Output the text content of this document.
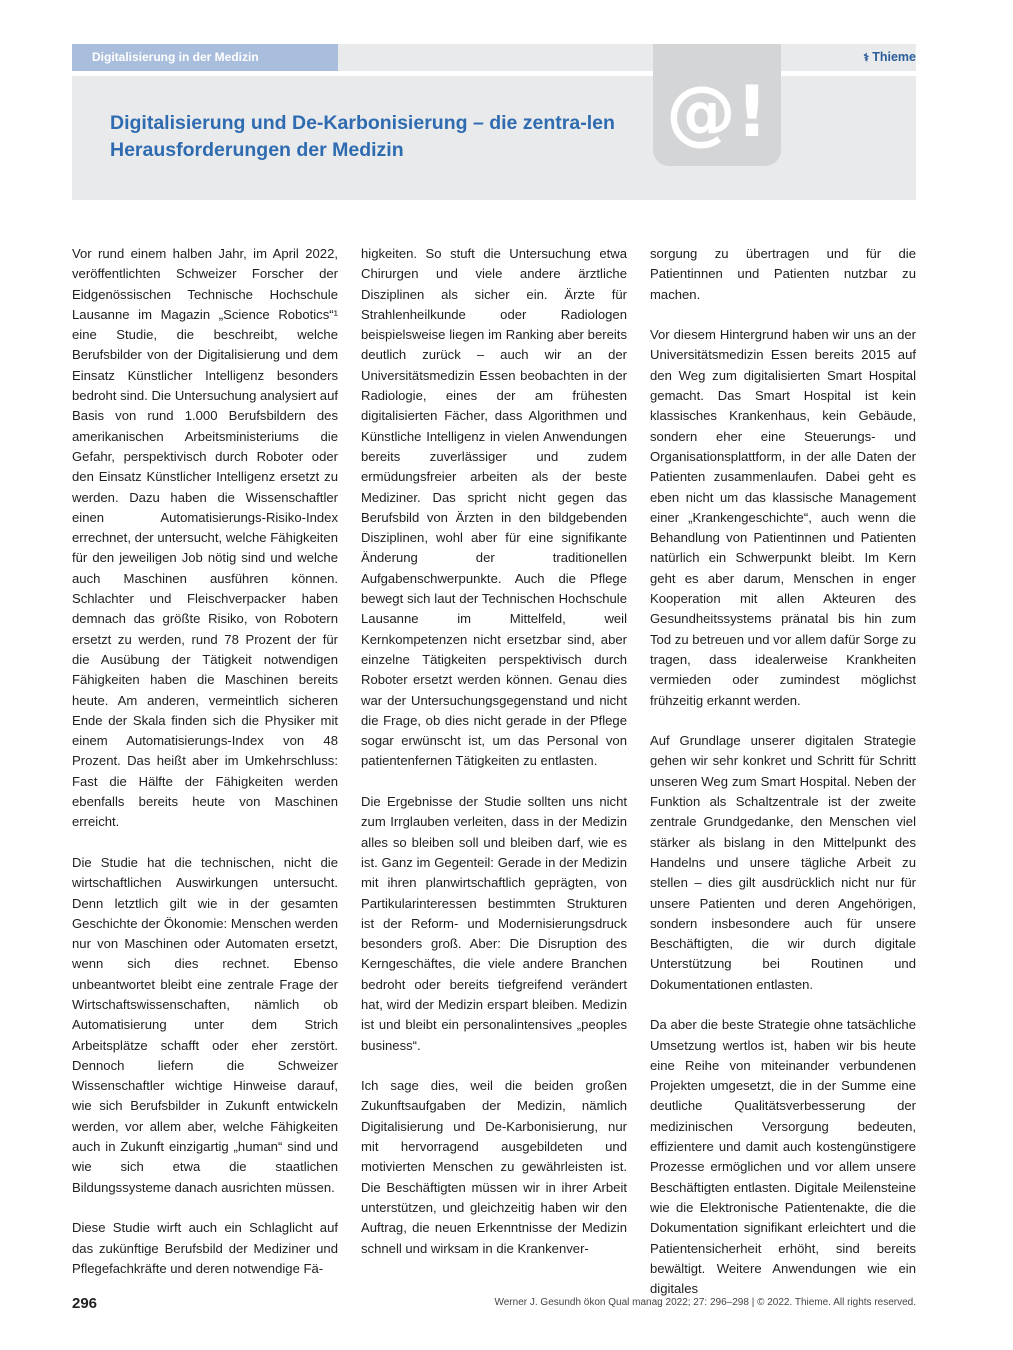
Digitalisierung in der Medizin	⚕ Thieme
@!
Digitalisierung und De-Karbonisierung – die zentra-len Herausforderungen der Medizin

Vor rund einem halben Jahr, im April 2022, veröffentlichten Schweizer Forscher der Eidgenössischen Technische Hochschule Lausanne im Magazin „Science Robotics“¹ eine Studie, die beschreibt, welche Berufsbilder von der Digitalisierung und dem Einsatz Künstlicher Intelligenz besonders bedroht sind. Die Untersuchung analysiert auf Basis von rund 1.000 Berufsbildern des amerikanischen Arbeitsministeriums die Gefahr, perspektivisch durch Roboter oder den Einsatz Künstlicher Intelligenz ersetzt zu werden. Dazu haben die Wissenschaftler einen Automatisierungs-Risiko-Index errechnet, der untersucht, welche Fähigkeiten für den jeweiligen Job nötig sind und welche auch Maschinen ausführen können. Schlachter und Fleischverpacker haben demnach das größte Risiko, von Robotern ersetzt zu werden, rund 78 Prozent der für die Ausübung der Tätigkeit notwendigen Fähigkeiten haben die Maschinen bereits heute. Am anderen, vermeintlich sicheren Ende der Skala finden sich die Physiker mit einem Automatisierungs-Index von 48 Prozent. Das heißt aber im Umkehrschluss: Fast die Hälfte der Fähigkeiten werden ebenfalls bereits heute von Maschinen erreicht.

Die Studie hat die technischen, nicht die wirtschaftlichen Auswirkungen untersucht. Denn letztlich gilt wie in der gesamten Geschichte der Ökonomie: Menschen werden nur von Maschinen oder Automaten ersetzt, wenn sich dies rechnet. Ebenso unbeantwortet bleibt eine zentrale Frage der Wirtschaftswissenschaften, nämlich ob Automatisierung unter dem Strich Arbeitsplätze schafft oder eher zerstört. Dennoch liefern die Schweizer Wissenschaftler wichtige Hinweise darauf, wie sich Berufsbilder in Zukunft entwickeln werden, vor allem aber, welche Fähigkeiten auch in Zukunft einzigartig „human“ sind und wie sich etwa die staatlichen Bildungssysteme danach ausrichten müssen.

Diese Studie wirft auch ein Schlaglicht auf das zukünftige Berufsbild der Mediziner und Pflegefachkräfte und deren notwendige Fä-

higkeiten. So stuft die Untersuchung etwa Chirurgen und viele andere ärztliche Disziplinen als sicher ein. Ärzte für Strahlenheilkunde oder Radiologen beispielsweise liegen im Ranking aber bereits deutlich zurück – auch wir an der Universitätsmedizin Essen beobachten in der Radiologie, eines der am frühesten digitalisierten Fächer, dass Algorithmen und Künstliche Intelligenz in vielen Anwendungen bereits zuverlässiger und zudem ermüdungsfreier arbeiten als der beste Mediziner. Das spricht nicht gegen das Berufsbild von Ärzten in den bildgebenden Disziplinen, wohl aber für eine signifikante Änderung der traditionellen Aufgabenschwerpunkte. Auch die Pflege bewegt sich laut der Technischen Hochschule Lausanne im Mittelfeld, weil Kernkompetenzen nicht ersetzbar sind, aber einzelne Tätigkeiten perspektivisch durch Roboter ersetzt werden können. Genau dies war der Untersuchungsgegenstand und nicht die Frage, ob dies nicht gerade in der Pflege sogar erwünscht ist, um das Personal von patientenfernen Tätigkeiten zu entlasten.

Die Ergebnisse der Studie sollten uns nicht zum Irrglauben verleiten, dass in der Medizin alles so bleiben soll und bleiben darf, wie es ist. Ganz im Gegenteil: Gerade in der Medizin mit ihren planwirtschaftlich geprägten, von Partikularinteressen bestimmten Strukturen ist der Reform- und Modernisierungsdruck besonders groß. Aber: Die Disruption des Kerngeschäftes, die viele andere Branchen bedroht oder bereits tiefgreifend verändert hat, wird der Medizin erspart bleiben. Medizin ist und bleibt ein personalintensives „peoples business“.

Ich sage dies, weil die beiden großen Zukunftsaufgaben der Medizin, nämlich Digitalisierung und De-Karbonisierung, nur mit hervorragend ausgebildeten und motivierten Menschen zu gewährleisten ist. Die Beschäftigten müssen wir in ihrer Arbeit unterstützen, und gleichzeitig haben wir den Auftrag, die neuen Erkenntnisse der Medizin schnell und wirksam in die Krankenver-

sorgung zu übertragen und für die Patientinnen und Patienten nutzbar zu machen.

Vor diesem Hintergrund haben wir uns an der Universitätsmedizin Essen bereits 2015 auf den Weg zum digitalisierten Smart Hospital gemacht. Das Smart Hospital ist kein klassisches Krankenhaus, kein Gebäude, sondern eher eine Steuerungs- und Organisationsplattform, in der alle Daten der Patienten zusammenlaufen. Dabei geht es eben nicht um das klassische Management einer „Krankengeschichte“, auch wenn die Behandlung von Patientinnen und Patienten natürlich ein Schwerpunkt bleibt. Im Kern geht es aber darum, Menschen in enger Kooperation mit allen Akteuren des Gesundheitssystems pränatal bis hin zum Tod zu betreuen und vor allem dafür Sorge zu tragen, dass idealerweise Krankheiten vermieden oder zumindest möglichst frühzeitig erkannt werden.

Auf Grundlage unserer digitalen Strategie gehen wir sehr konkret und Schritt für Schritt unseren Weg zum Smart Hospital. Neben der Funktion als Schaltzentrale ist der zweite zentrale Grundgedanke, den Menschen viel stärker als bislang in den Mittelpunkt des Handelns und unsere tägliche Arbeit zu stellen – dies gilt ausdrücklich nicht nur für unsere Patienten und deren Angehörigen, sondern insbesondere auch für unsere Beschäftigten, die wir durch digitale Unterstützung bei Routinen und Dokumentationen entlasten.

Da aber die beste Strategie ohne tatsächliche Umsetzung wertlos ist, haben wir bis heute eine Reihe von miteinander verbundenen Projekten umgesetzt, die in der Summe eine deutliche Qualitätsverbesserung der medizinischen Versorgung bedeuten, effizientere und damit auch kostengünstigere Prozesse ermöglichen und vor allem unsere Beschäftigten entlasten. Digitale Meilensteine wie die Elektronische Patientenakte, die die Dokumentation signifikant erleichtert und die Patientensicherheit erhöht, sind bereits bewältigt. Weitere Anwendungen wie ein digitales

296	Werner J. Gesundh ökon Qual manag 2022; 27: 296–298 | © 2022. Thieme. All rights reserved.
